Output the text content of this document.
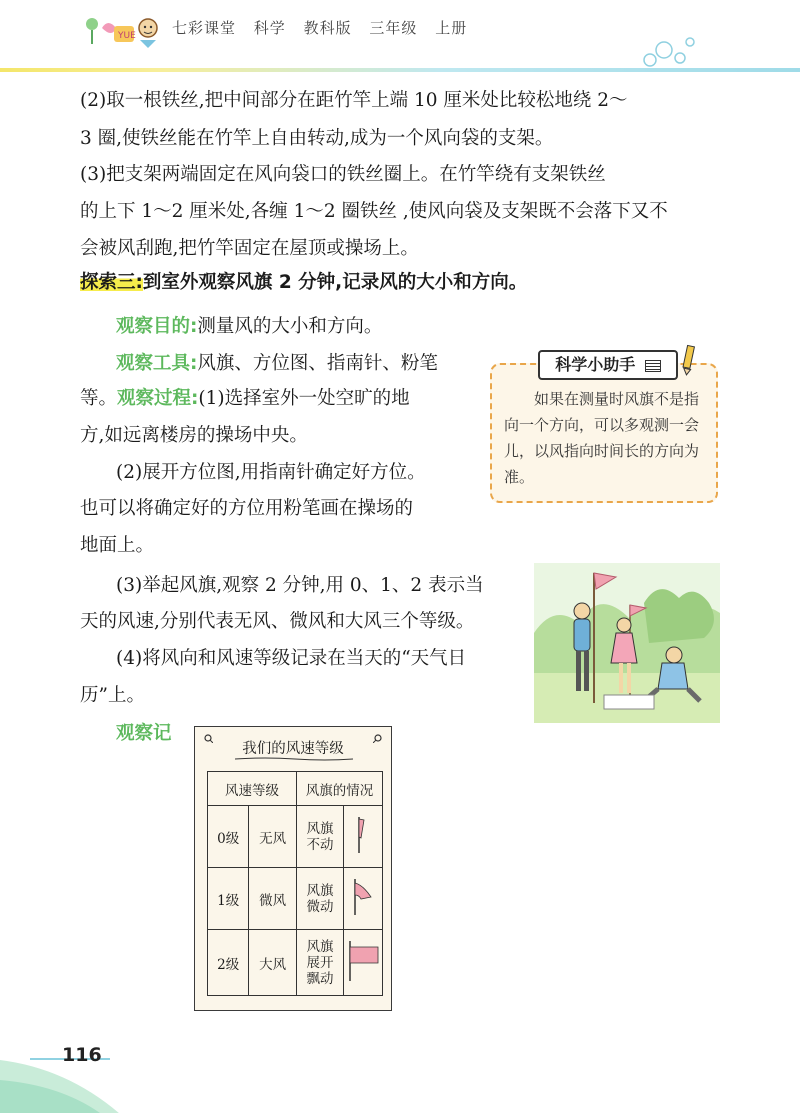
YUE 七彩课堂 科学 教科版 三年级 上册

(2)取一根铁丝,把中间部分在距竹竿上端 10 厘米处比较松地绕 2～

3 圈,使铁丝能在竹竿上自由转动,成为一个风向袋的支架。

(3)把支架两端固定在风向袋口的铁丝圈上。在竹竿绕有支架铁丝

的上下 1～2 厘米处,各缠 1～2 圈铁丝 ,使风向袋及支架既不会落下又不

会被风刮跑,把竹竿固定在屋顶或操场上。

探索三:到室外观察风旗 2 分钟,记录风的大小和方向。

观察目的:测量风的大小和方向。

观察工具:风旗、方位图、指南针、粉笔

等。观察过程:(1)选择室外一处空旷的地

方,如远离楼房的操场中央。

(2)展开方位图,用指南针确定好方位。

也可以将确定好的方位用粉笔画在操场的

地面上。

(3)举起风旗,观察 2 分钟,用 0、1、2 表示当

天的风速,分别代表无风、微风和大风三个等级。

(4)将风向和风速等级记录在当天的“天气日

历”上。

观察记

科学小助手

如果在测量时风旗不是指向一个方向，可以多观测一会儿，以风指向时间长的方向为准。

我们的风速等级
风速等级		风旗的情况	
0级	无风	风旗
不动

1级	微风	风旗
微动

2级	大风	风旗
展开
飘动

116
